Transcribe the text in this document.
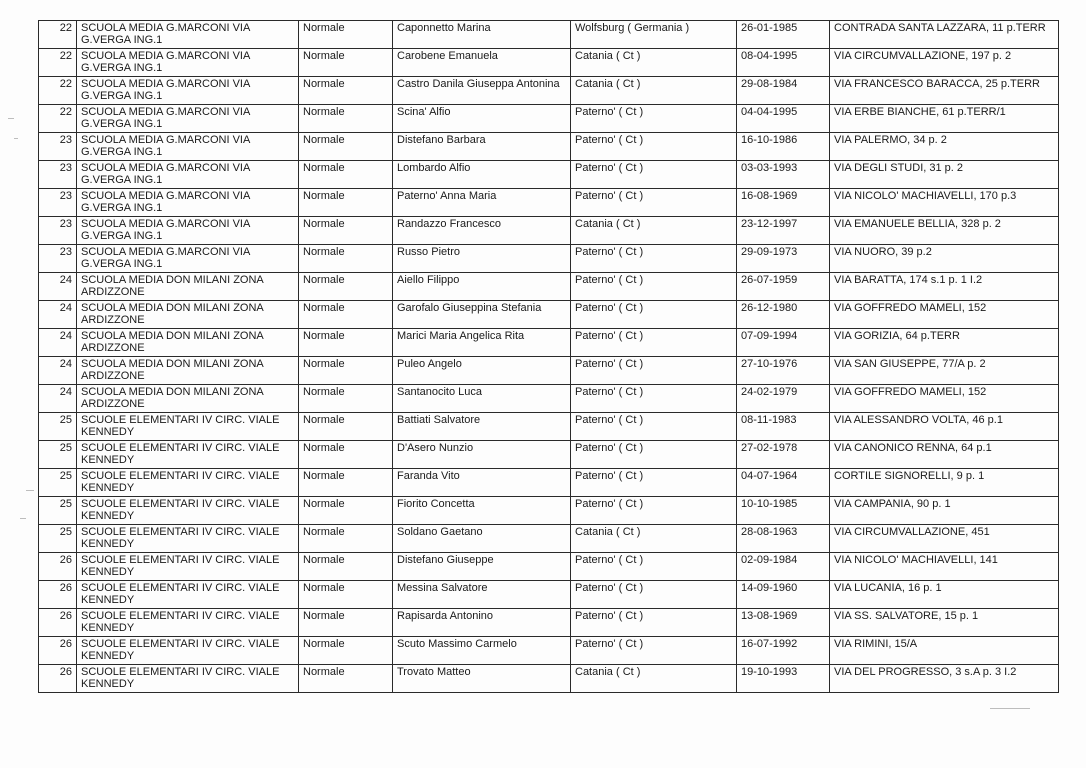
22	SCUOLA MEDIA G.MARCONI VIA G.VERGA ING.1	Normale	Caponnetto Marina	Wolfsburg ( Germania )	26-01-1985	CONTRADA SANTA LAZZARA, 11 p.TERR
22	SCUOLA MEDIA G.MARCONI VIA G.VERGA ING.1	Normale	Carobene Emanuela	Catania ( Ct )	08-04-1995	VIA CIRCUMVALLAZIONE, 197 p. 2
22	SCUOLA MEDIA G.MARCONI VIA G.VERGA ING.1	Normale	Castro Danila Giuseppa Antonina	Catania ( Ct )	29-08-1984	VIA FRANCESCO BARACCA, 25 p.TERR
22	SCUOLA MEDIA G.MARCONI VIA G.VERGA ING.1	Normale	Scina' Alfio	Paterno' ( Ct )	04-04-1995	VIA ERBE BIANCHE, 61 p.TERR/1
23	SCUOLA MEDIA G.MARCONI VIA G.VERGA ING.1	Normale	Distefano Barbara	Paterno' ( Ct )	16-10-1986	VIA PALERMO, 34 p. 2
23	SCUOLA MEDIA G.MARCONI VIA G.VERGA ING.1	Normale	Lombardo Alfio	Paterno' ( Ct )	03-03-1993	VIA DEGLI STUDI, 31 p. 2
23	SCUOLA MEDIA G.MARCONI VIA G.VERGA ING.1	Normale	Paterno' Anna Maria	Paterno' ( Ct )	16-08-1969	VIA NICOLO' MACHIAVELLI, 170 p.3
23	SCUOLA MEDIA G.MARCONI VIA G.VERGA ING.1	Normale	Randazzo Francesco	Catania ( Ct )	23-12-1997	VIA EMANUELE BELLIA, 328 p. 2
23	SCUOLA MEDIA G.MARCONI VIA G.VERGA ING.1	Normale	Russo Pietro	Paterno' ( Ct )	29-09-1973	VIA NUORO, 39 p.2
24	SCUOLA MEDIA DON MILANI ZONA ARDIZZONE	Normale	Aiello Filippo	Paterno' ( Ct )	26-07-1959	VIA BARATTA, 174 s.1 p. 1 I.2
24	SCUOLA MEDIA DON MILANI ZONA ARDIZZONE	Normale	Garofalo Giuseppina Stefania	Paterno' ( Ct )	26-12-1980	VIA GOFFREDO MAMELI, 152
24	SCUOLA MEDIA DON MILANI ZONA ARDIZZONE	Normale	Marici Maria Angelica Rita	Paterno' ( Ct )	07-09-1994	VIA GORIZIA, 64 p.TERR
24	SCUOLA MEDIA DON MILANI ZONA ARDIZZONE	Normale	Puleo Angelo	Paterno' ( Ct )	27-10-1976	VIA SAN GIUSEPPE, 77/A p. 2
24	SCUOLA MEDIA DON MILANI ZONA ARDIZZONE	Normale	Santanocito Luca	Paterno' ( Ct )	24-02-1979	VIA GOFFREDO MAMELI, 152
25	SCUOLE ELEMENTARI IV CIRC. VIALE KENNEDY	Normale	Battiati Salvatore	Paterno' ( Ct )	08-11-1983	VIA ALESSANDRO VOLTA, 46 p.1
25	SCUOLE ELEMENTARI IV CIRC. VIALE KENNEDY	Normale	D'Asero Nunzio	Paterno' ( Ct )	27-02-1978	VIA CANONICO RENNA, 64 p.1
25	SCUOLE ELEMENTARI IV CIRC. VIALE KENNEDY	Normale	Faranda Vito	Paterno' ( Ct )	04-07-1964	CORTILE SIGNORELLI, 9 p. 1
25	SCUOLE ELEMENTARI IV CIRC. VIALE KENNEDY	Normale	Fiorito Concetta	Paterno' ( Ct )	10-10-1985	VIA CAMPANIA, 90 p. 1
25	SCUOLE ELEMENTARI IV CIRC. VIALE KENNEDY	Normale	Soldano Gaetano	Catania ( Ct )	28-08-1963	VIA CIRCUMVALLAZIONE, 451
26	SCUOLE ELEMENTARI IV CIRC. VIALE KENNEDY	Normale	Distefano Giuseppe	Paterno' ( Ct )	02-09-1984	VIA NICOLO' MACHIAVELLI, 141
26	SCUOLE ELEMENTARI IV CIRC. VIALE KENNEDY	Normale	Messina Salvatore	Paterno' ( Ct )	14-09-1960	VIA LUCANIA, 16 p. 1
26	SCUOLE ELEMENTARI IV CIRC. VIALE KENNEDY	Normale	Rapisarda Antonino	Paterno' ( Ct )	13-08-1969	VIA SS. SALVATORE, 15 p. 1
26	SCUOLE ELEMENTARI IV CIRC. VIALE KENNEDY	Normale	Scuto Massimo Carmelo	Paterno' ( Ct )	16-07-1992	VIA RIMINI, 15/A
26	SCUOLE ELEMENTARI IV CIRC. VIALE KENNEDY	Normale	Trovato Matteo	Catania ( Ct )	19-10-1993	VIA DEL PROGRESSO, 3 s.A p. 3 I.2
